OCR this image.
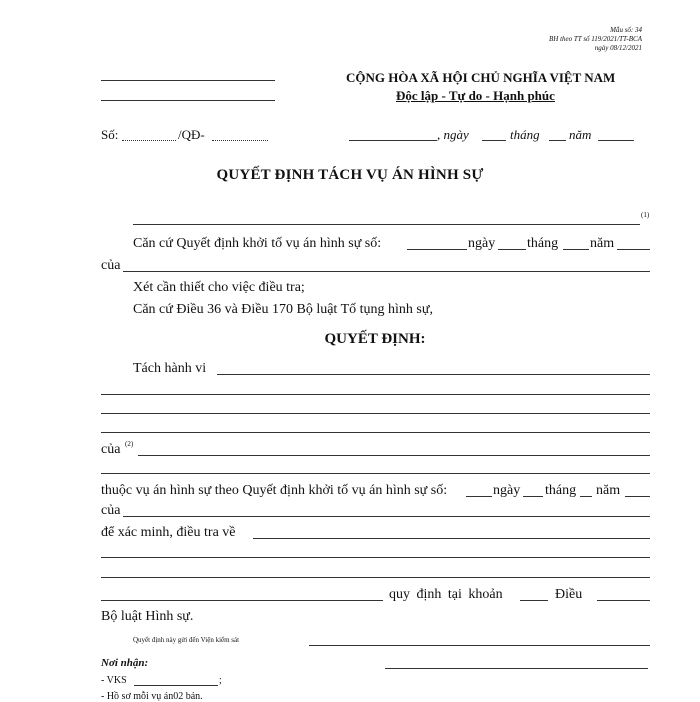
Mẫu số: 34
BH theo TT số 119/2021/TT-BCA
ngày 08/12/2021
CỘNG HÒA XÃ HỘI CHỦ NGHĨA VIỆT NAM
Độc lập - Tự do - Hạnh phúc
Số:	/QĐ-	, ngày	tháng năm
QUYẾT ĐỊNH TÁCH VỤ ÁN HÌNH SỰ
(1)
Căn cứ Quyết định khởi tố vụ án hình sự số:	ngày tháng năm
của
Xét cần thiết cho việc điều tra;
Căn cứ Điều 36 và Điều 170 Bộ luật Tố tụng hình sự,
QUYẾT ĐỊNH:
Tách hành vi
của (2)
thuộc vụ án hình sự theo Quyết định khởi tố vụ án hình sự số:	ngày tháng năm
của
để xác minh, điều tra về
quy định tại khoản	Điều
Bộ luật Hình sự.
Quyết định này gửi đến Viện kiểm sát
Nơi nhận:
- VKS	;
- Hồ sơ mỗi vụ án02 bản.
